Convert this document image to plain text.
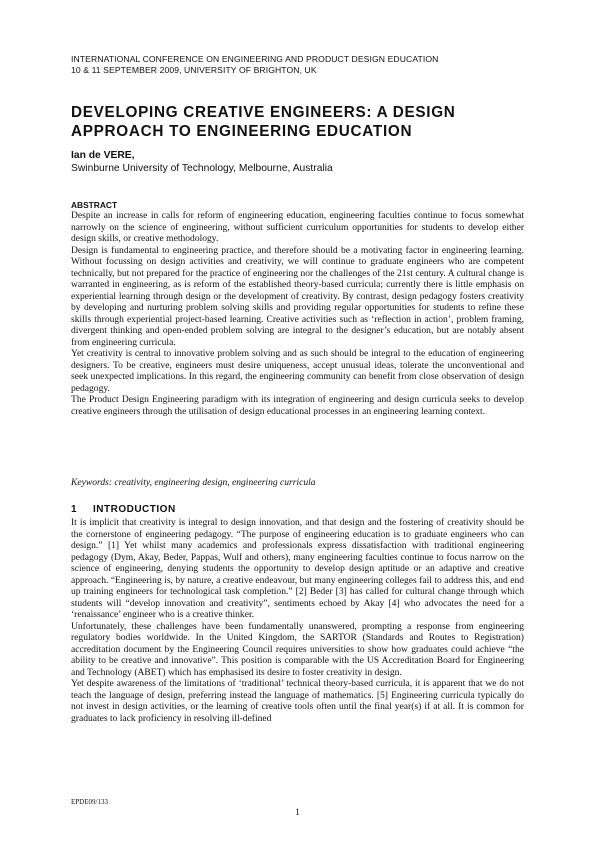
INTERNATIONAL CONFERENCE ON ENGINEERING AND PRODUCT DESIGN EDUCATION
10 & 11 SEPTEMBER 2009, UNIVERSITY OF BRIGHTON, UK
DEVELOPING CREATIVE ENGINEERS: A DESIGN
APPROACH TO ENGINEERING EDUCATION
Ian de VERE,
Swinburne University of Technology, Melbourne, Australia
ABSTRACT

Despite an increase in calls for reform of engineering education, engineering faculties continue to focus somewhat narrowly on the science of engineering, without sufficient curriculum opportunities for students to develop either design skills, or creative methodology.

Design is fundamental to engineering practice, and therefore should be a motivating factor in engineering learning. Without focussing on design activities and creativity, we will continue to graduate engineers who are competent technically, but not prepared for the practice of engineering nor the challenges of the 21st century. A cultural change is warranted in engineering, as is reform of the established theory-based curricula; currently there is little emphasis on experiential learning through design or the development of creativity. By contrast, design pedagogy fosters creativity by developing and nurturing problem solving skills and providing regular opportunities for students to refine these skills through experiential project-based learning. Creative activities such as ‘reflection in action’, problem framing, divergent thinking and open-ended problem solving are integral to the designer’s education, but are notably absent from engineering curricula.

Yet creativity is central to innovative problem solving and as such should be integral to the education of engineering designers. To be creative, engineers must desire uniqueness, accept unusual ideas, tolerate the unconventional and seek unexpected implications. In this regard, the engineering community can benefit from close observation of design pedagogy.

The Product Design Engineering paradigm with its integration of engineering and design curricula seeks to develop creative engineers through the utilisation of design educational processes in an engineering learning context.

Keywords: creativity, engineering design, engineering curricula
1 INTRODUCTION

It is implicit that creativity is integral to design innovation, and that design and the fostering of creativity should be the cornerstone of engineering pedagogy. “The purpose of engineering education is to graduate engineers who can design.” [1] Yet whilst many academics and professionals express dissatisfaction with traditional engineering pedagogy (Dym, Akay, Beder, Pappas, Wulf and others), many engineering faculties continue to focus narrow on the science of engineering, denying students the opportunity to develop design aptitude or an adaptive and creative approach. “Engineering is, by nature, a creative endeavour, but many engineering colleges fail to address this, and end up training engineers for technological task completion.” [2] Beder [3] has called for cultural change through which students will “develop innovation and creativity”, sentiments echoed by Akay [4] who advocates the need for a ‘renaissance’ engineer who is a creative thinker.

Unfortunately, these challenges have been fundamentally unanswered, prompting a response from engineering regulatory bodies worldwide. In the United Kingdom, the SARTOR (Standards and Routes to Registration) accreditation document by the Engineering Council requires universities to show how graduates could achieve “the ability to be creative and innovative”. This position is comparable with the US Accreditation Board for Engineering and Technology (ABET) which has emphasised its desire to foster creativity in design.

Yet despite awareness of the limitations of ‘traditional’ technical theory-based curricula, it is apparent that we do not teach the language of design, preferring instead the language of mathematics. [5] Engineering curricula typically do not invest in design activities, or the learning of creative tools often until the final year(s) if at all. It is common for graduates to lack proficiency in resolving ill-defined

EPDE09/133
1
